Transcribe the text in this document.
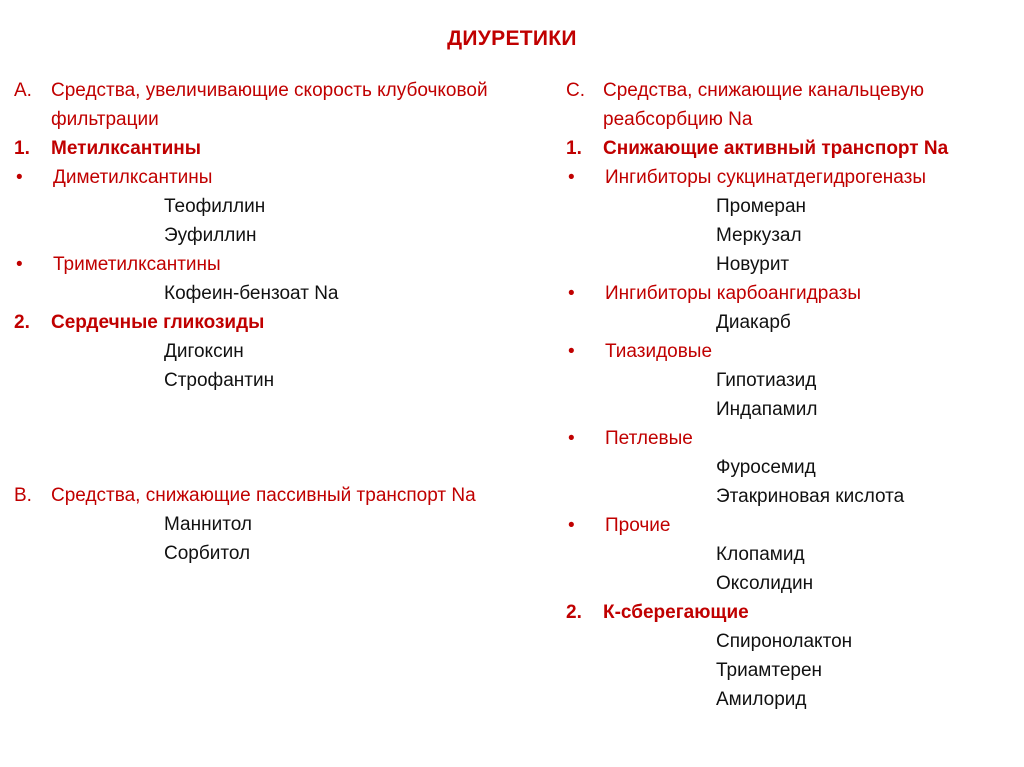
ДИУРЕТИКИ
A.	Средства, увеличивающие скорость клубочковой фильтрации
1.	Метилксантины
•	Диметилксантины
Теофиллин
Эуфиллин
•	Триметилксантины
Кофеин-бензоат Na
2.	Сердечные гликозиды
Дигоксин
Строфантин
B.	Средства, снижающие пассивный транспорт Na
Маннитол
Сорбитол
C. Средства, снижающие канальцевую реабсорбцию Na
1.	Снижающие активный транспорт Na
•	Ингибиторы сукцинатдегидрогеназы
Промеран
Меркузал
Новурит
•	Ингибиторы карбоангидразы
Диакарб
•	Тиазидовые
Гипотиазид
Индапамил
•	Петлевые
Фуросемид
Этакриновая кислота
•	Прочие
Клопамид
Оксолидин
2.	К-сберегающие
Спиронолактон
Триамтерен
Амилорид
